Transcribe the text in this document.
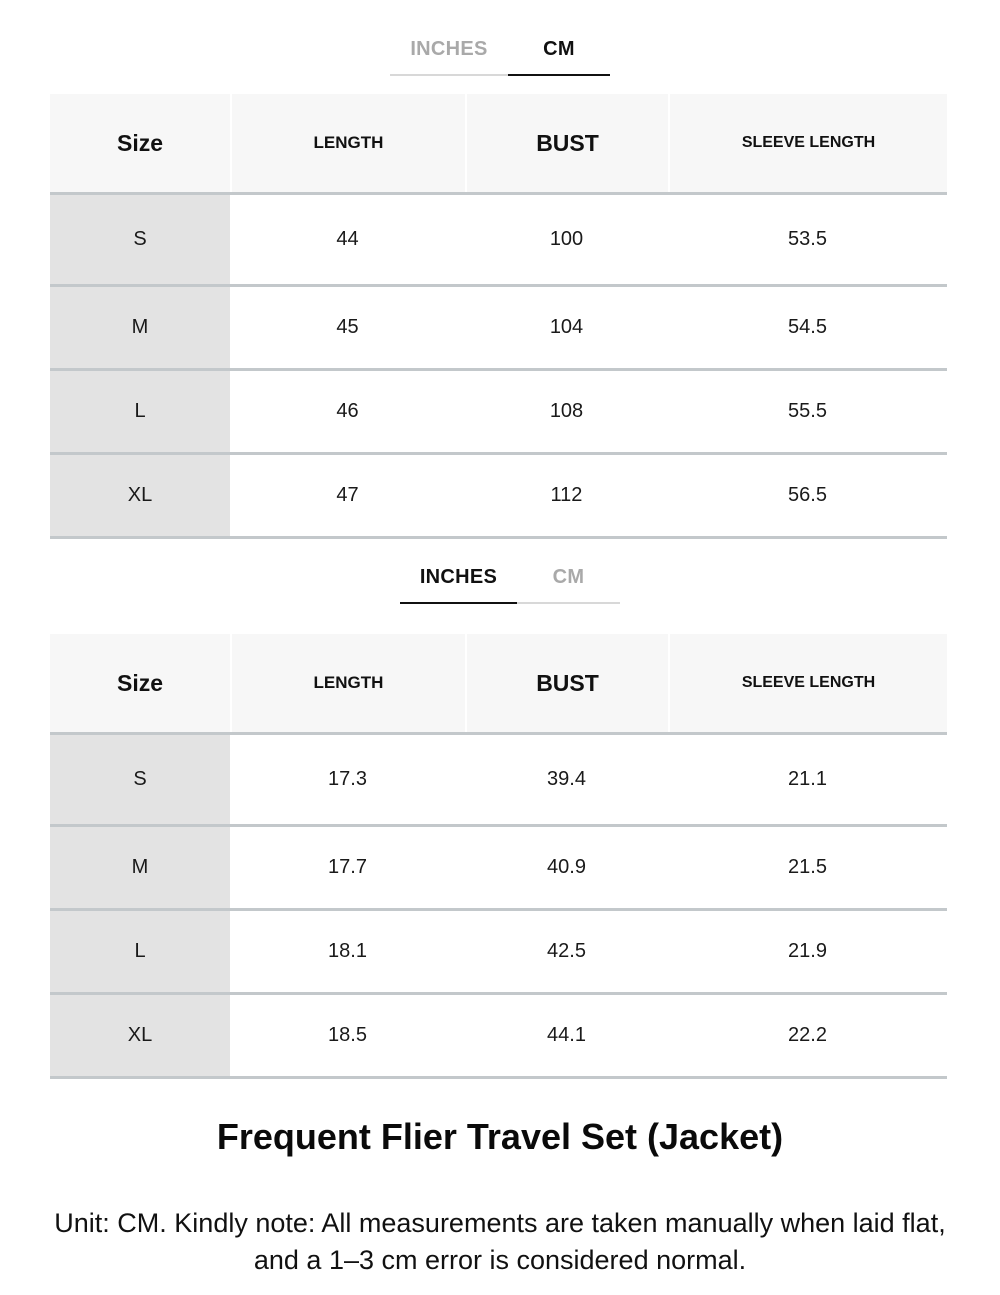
INCHES	CM
Size	LENGTH	BUST	SLEEVE LENGTH
S	44	100	53.5
M	45	104	54.5
L	46	108	55.5
XL	47	112	56.5
INCHES	CM
Size	LENGTH	BUST	SLEEVE LENGTH
S	17.3	39.4	21.1
M	17.7	40.9	21.5
L	18.1	42.5	21.9
XL	18.5	44.1	22.2
Frequent Flier Travel Set (Jacket)
Unit: CM. Kindly note: All measurements are taken manually when laid flat, and a 1–3 cm error is considered normal.
